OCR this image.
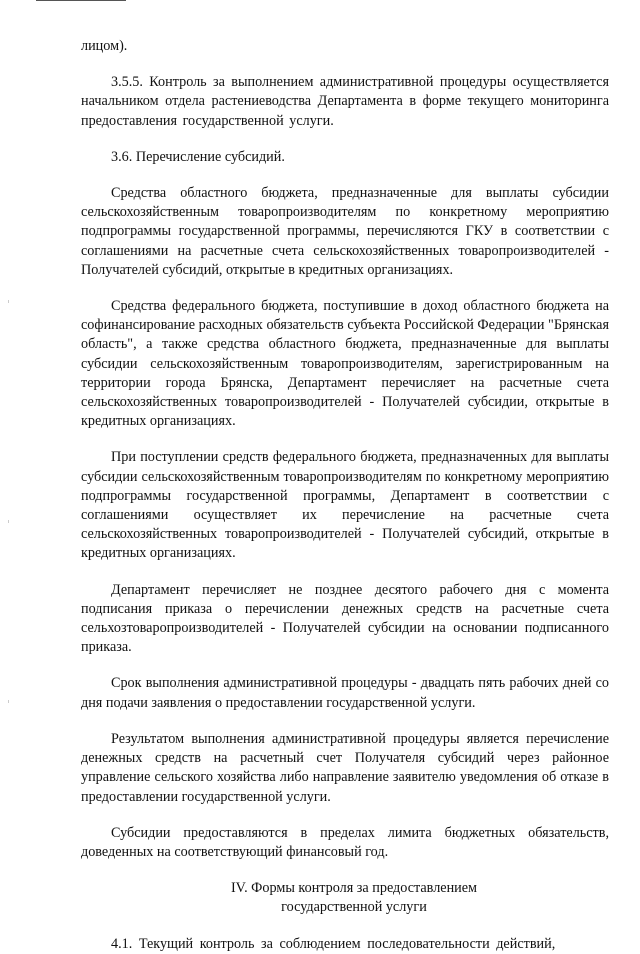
лицом).

3.5.5. Контроль за выполнением административной процедуры осуществляется начальником отдела растениеводства Департамента в форме текущего мониторинга предоставления государственной услуги.

3.6. Перечисление субсидий.

Средства областного бюджета, предназначенные для выплаты субсидии сельскохозяйственным товаропроизводителям по конкретному мероприятию подпрограммы государственной программы, перечисляются ГКУ в соответствии с соглашениями на расчетные счета сельскохозяйственных товаропроизводителей - Получателей субсидий, открытые в кредитных организациях.

Средства федерального бюджета, поступившие в доход областного бюджета на софинансирование расходных обязательств субъекта Российской Федерации "Брянская область", а также средства областного бюджета, предназначенные для выплаты субсидии сельскохозяйственным товаропроизводителям, зарегистрированным на территории города Брянска, Департамент перечисляет на расчетные счета сельскохозяйственных товаропроизводителей - Получателей субсидии, открытые в кредитных организациях.

При поступлении средств федерального бюджета, предназначенных для выплаты субсидии сельскохозяйственным товаропроизводителям по конкретному мероприятию подпрограммы государственной программы, Департамент в соответствии с соглашениями осуществляет их перечисление на расчетные счета сельскохозяйственных товаропроизводителей - Получателей субсидий, открытые в кредитных организациях.

Департамент перечисляет не позднее десятого рабочего дня с момента подписания приказа о перечислении денежных средств на расчетные счета сельхозтоваропроизводителей - Получателей субсидии на основании подписанного приказа.

Срок выполнения административной процедуры - двадцать пять рабочих дней со дня подачи заявления о предоставлении государственной услуги.

Результатом выполнения административной процедуры является перечисление денежных средств на расчетный счет Получателя субсидий через районное управление сельского хозяйства либо направление заявителю уведомления об отказе в предоставлении государственной услуги.

Субсидии предоставляются в пределах лимита бюджетных обязательств, доведенных на соответствующий финансовый год.

IV. Формы контроля за предоставлением
государственной услуги

4.1. Текущий контроль за соблюдением последовательности действий,
